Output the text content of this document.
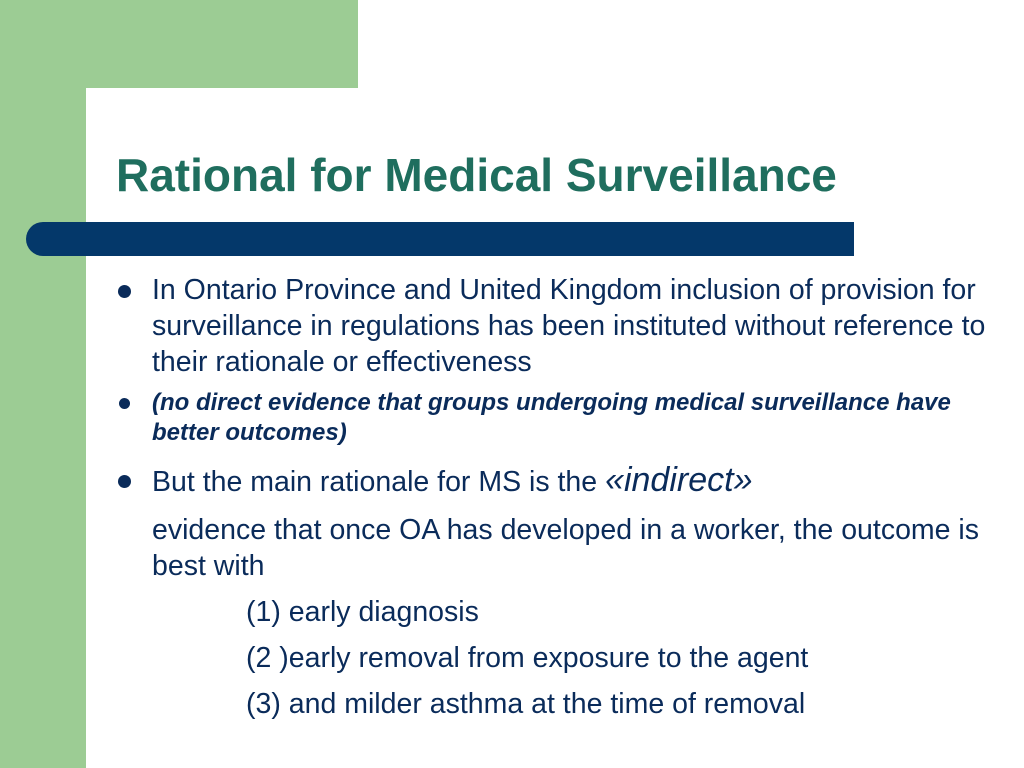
Rational for Medical Surveillance
In Ontario Province and United Kingdom inclusion of provision for surveillance in regulations has been instituted without reference to their rationale or effectiveness
(no direct evidence that groups undergoing medical surveillance have better outcomes)
But the main rationale for MS is the «indirect»
evidence that once OA has developed in a worker, the outcome is best with
(1) early diagnosis
(2 )early removal from exposure to the agent
(3) and milder asthma at the time of removal
